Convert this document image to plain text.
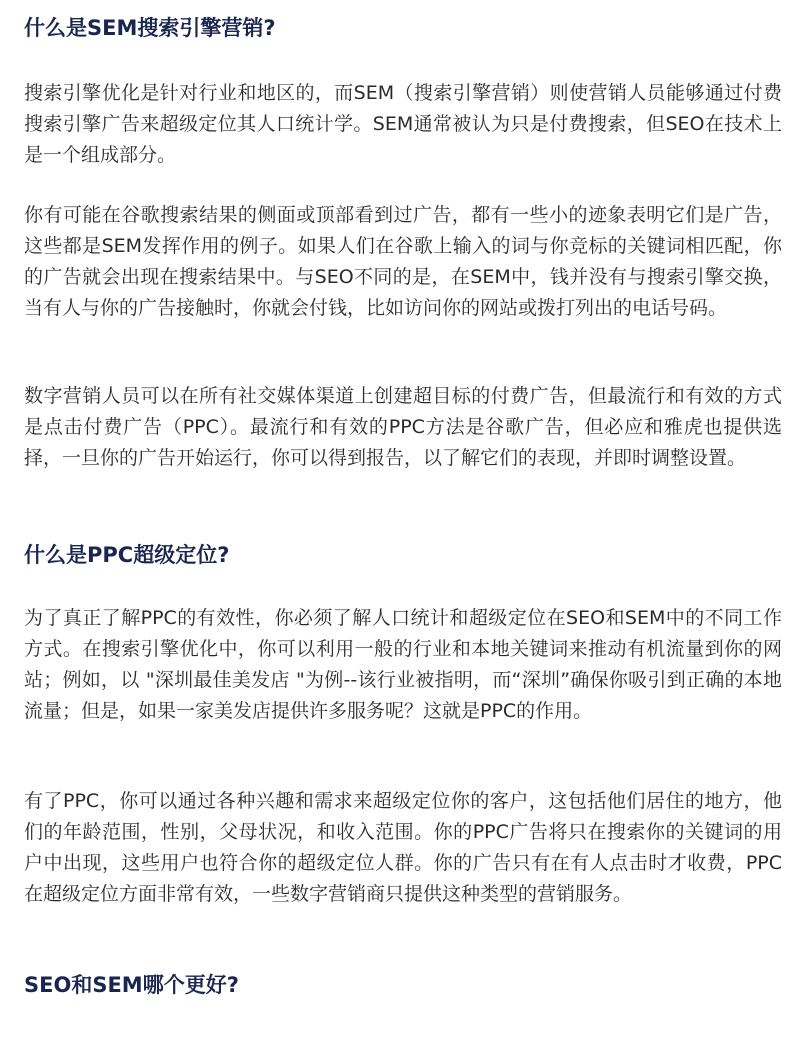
什么是SEM搜索引擎营销?

搜索引擎优化是针对行业和地区的，而SEM（搜索引擎营销）则使营销人员能够通过付费搜索引擎广告来超级定位其人口统计学。SEM通常被认为只是付费搜索，但SEO在技术上是一个组成部分。

你有可能在谷歌搜索结果的侧面或顶部看到过广告，都有一些小的迹象表明它们是广告，这些都是SEM发挥作用的例子。如果人们在谷歌上输入的词与你竞标的关键词相匹配，你的广告就会出现在搜索结果中。与SEO不同的是，在SEM中，钱并没有与搜索引擎交换，当有人与你的广告接触时，你就会付钱，比如访问你的网站或拨打列出的电话号码。

数字营销人员可以在所有社交媒体渠道上创建超目标的付费广告，但最流行和有效的方式是点击付费广告（PPC）。最流行和有效的PPC方法是谷歌广告，但必应和雅虎也提供选择，一旦你的广告开始运行，你可以得到报告，以了解它们的表现，并即时调整设置。

什么是PPC超级定位?

为了真正了解PPC的有效性，你必须了解人口统计和超级定位在SEO和SEM中的不同工作方式。在搜索引擎优化中，你可以利用一般的行业和本地关键词来推动有机流量到你的网站；例如，以 "深圳最佳美发店 "为例--该行业被指明，而“深圳”确保你吸引到正确的本地流量；但是，如果一家美发店提供许多服务呢？这就是PPC的作用。

有了PPC，你可以通过各种兴趣和需求来超级定位你的客户，这包括他们居住的地方，他们的年龄范围，性别，父母状况，和收入范围。你的PPC广告将只在搜索你的关键词的用户中出现，这些用户也符合你的超级定位人群。你的广告只有在有人点击时才收费，PPC在超级定位方面非常有效，一些数字营销商只提供这种类型的营销服务。

SEO和SEM哪个更好?
